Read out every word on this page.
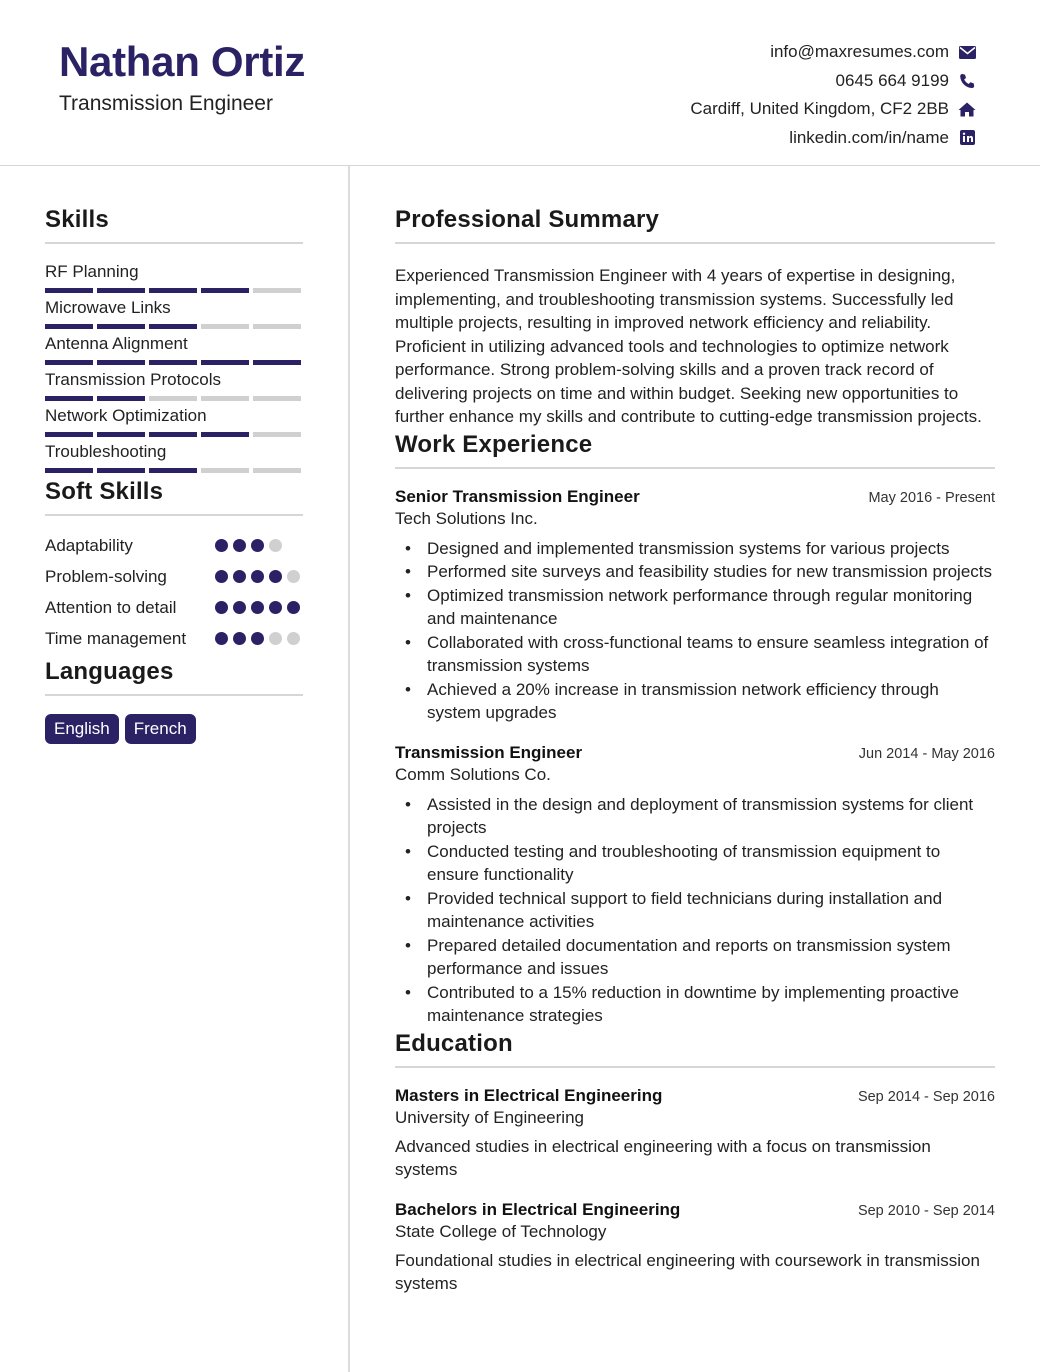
Nathan Ortiz
Transmission Engineer
info@maxresumes.com
0645 664 9199
Cardiff, United Kingdom, CF2 2BB
linkedin.com/in/name
Skills
RF Planning
Microwave Links
Antenna Alignment
Transmission Protocols
Network Optimization
Troubleshooting
Soft Skills
Adaptability
Problem-solving
Attention to detail
Time management
Languages
English	French
Professional Summary
Experienced Transmission Engineer with 4 years of expertise in designing, implementing, and troubleshooting transmission systems. Successfully led multiple projects, resulting in improved network efficiency and reliability. Proficient in utilizing advanced tools and technologies to optimize network performance. Strong problem-solving skills and a proven track record of delivering projects on time and within budget. Seeking new opportunities to further enhance my skills and contribute to cutting-edge transmission projects.
Work Experience
Senior Transmission Engineer	May 2016 - Present
Tech Solutions Inc.
• Designed and implemented transmission systems for various projects
• Performed site surveys and feasibility studies for new transmission projects
• Optimized transmission network performance through regular monitoring and maintenance
• Collaborated with cross-functional teams to ensure seamless integration of transmission systems
• Achieved a 20% increase in transmission network efficiency through system upgrades
Transmission Engineer	Jun 2014 - May 2016
Comm Solutions Co.
• Assisted in the design and deployment of transmission systems for client projects
• Conducted testing and troubleshooting of transmission equipment to ensure functionality
• Provided technical support to field technicians during installation and maintenance activities
• Prepared detailed documentation and reports on transmission system performance and issues
• Contributed to a 15% reduction in downtime by implementing proactive maintenance strategies
Education
Masters in Electrical Engineering	Sep 2014 - Sep 2016
University of Engineering
Advanced studies in electrical engineering with a focus on transmission systems
Bachelors in Electrical Engineering	Sep 2010 - Sep 2014
State College of Technology
Foundational studies in electrical engineering with coursework in transmission systems
